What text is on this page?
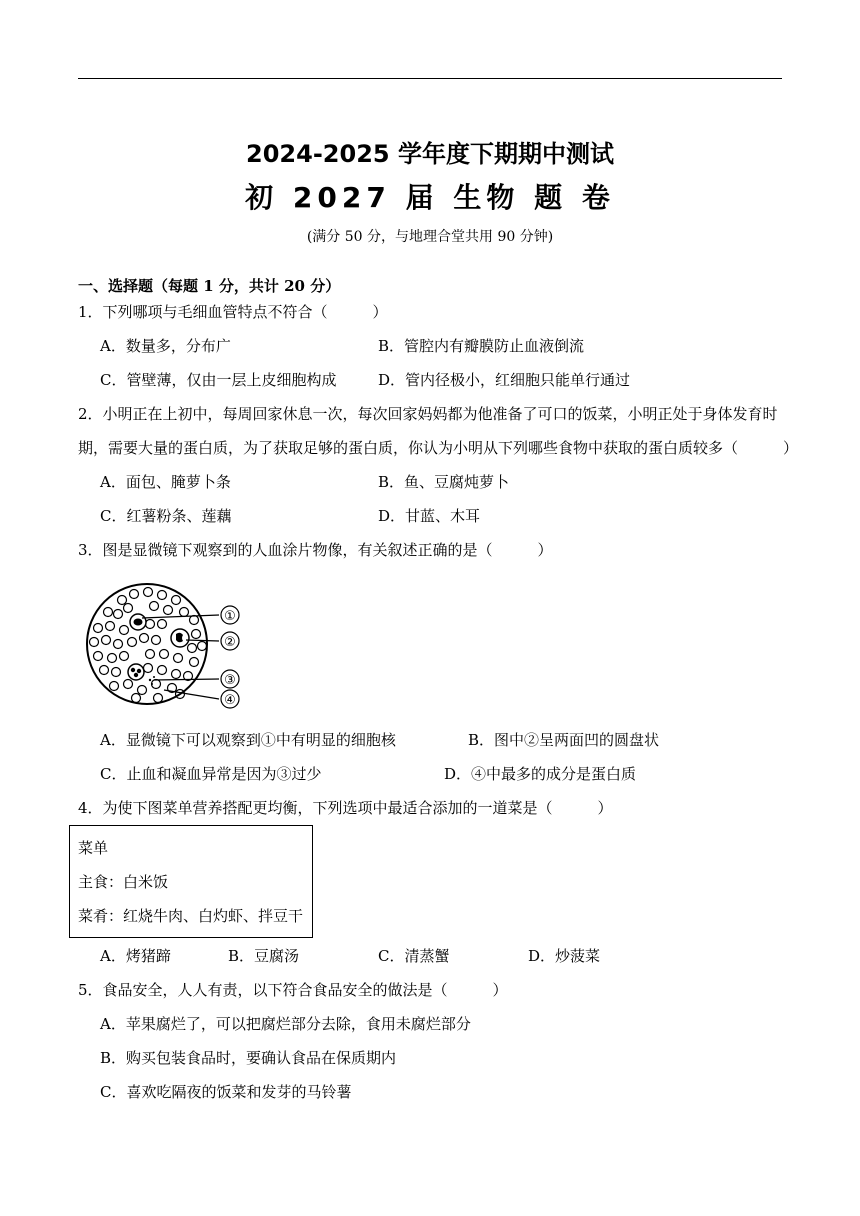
2024-2025 学年度下期期中测试
初 2027 届 生物 题 卷
(满分 50 分，与地理合堂共用 90 分钟)
一、选择题（每题 1 分，共计 20 分）
1．下列哪项与毛细血管特点不符合（　　　）
A．数量多，分布广	B．管腔内有瓣膜防止血液倒流
C．管壁薄，仅由一层上皮细胞构成	D．管内径极小，红细胞只能单行通过
2．小明正在上初中，每周回家休息一次，每次回家妈妈都为他准备了可口的饭菜，小明正处于身体发育时
期，需要大量的蛋白质，为了获取足够的蛋白质，你认为小明从下列哪些食物中获取的蛋白质较多（　　　）
A．面包、腌萝卜条	B．鱼、豆腐炖萝卜
C．红薯粉条、莲藕	D．甘蓝、木耳
3．图是显微镜下观察到的人血涂片物像，有关叙述正确的是（　　　）
①
②
③
④
A．显微镜下可以观察到①中有明显的细胞核	B．图中②呈两面凹的圆盘状
C．止血和凝血异常是因为③过少	D．④中最多的成分是蛋白质
4．为使下图菜单营养搭配更均衡，下列选项中最适合添加的一道菜是（　　　）
菜单
主食：白米饭
菜肴：红烧牛肉、白灼虾、拌豆干
A．烤猪蹄	B．豆腐汤	C．清蒸蟹	D．炒菠菜
5．食品安全，人人有责，以下符合食品安全的做法是（　　　）
A．苹果腐烂了，可以把腐烂部分去除，食用未腐烂部分
B．购买包装食品时，要确认食品在保质期内
C．喜欢吃隔夜的饭菜和发芽的马铃薯
